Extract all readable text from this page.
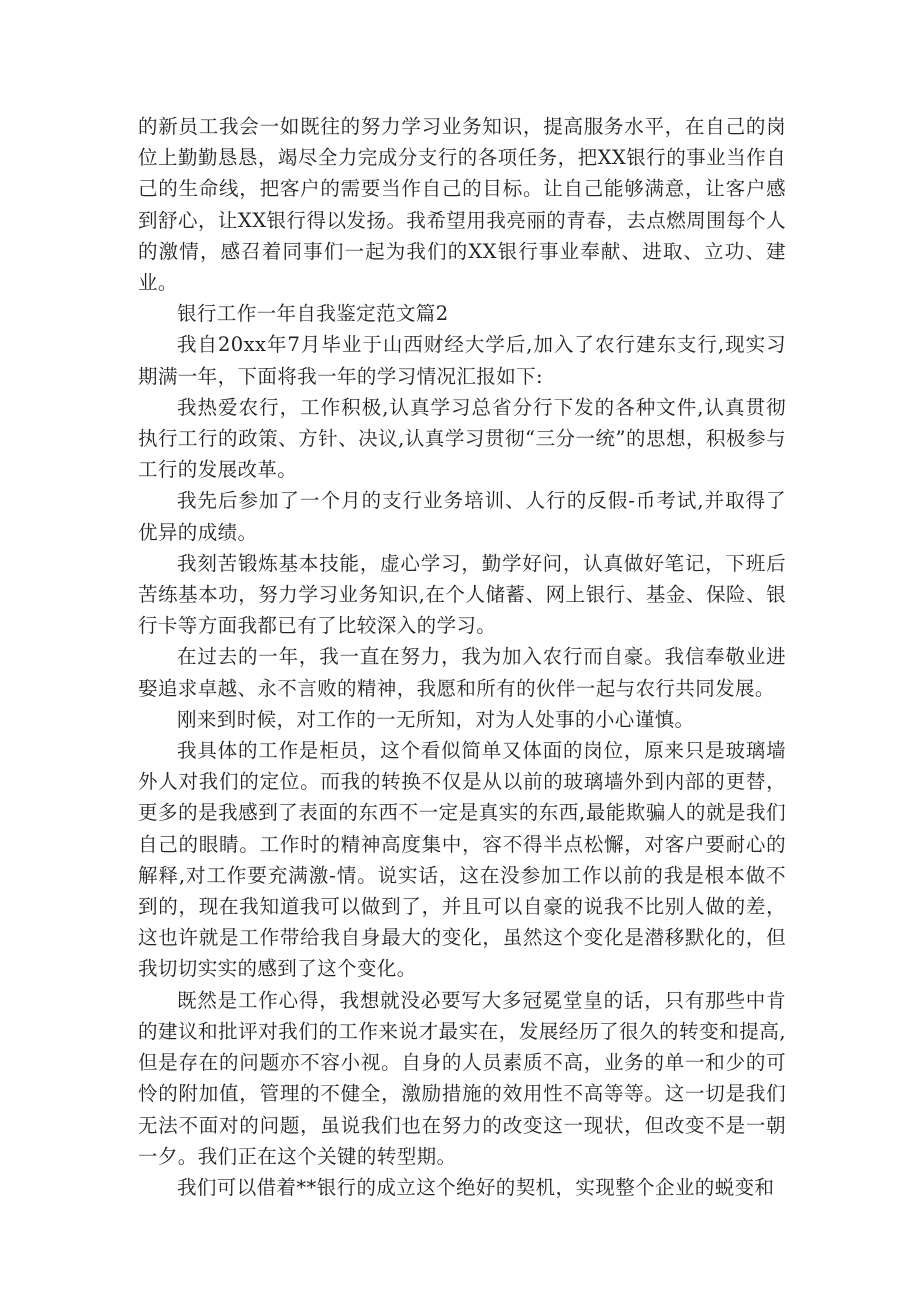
的新员工我会一如既往的努力学习业务知识，提高服务水平，在自己的岗位上勤勤恳恳，竭尽全力完成分支行的各项任务，把XX银行的事业当作自己的生命线，把客户的需要当作自己的目标。让自己能够满意，让客户感到舒心，让XX银行得以发扬。我希望用我亮丽的青春，去点燃周围每个人的激情，感召着同事们一起为我们的XX银行事业奉献、进取、立功、建业。

银行工作一年自我鉴定范文篇2

我自20xx年7月毕业于山西财经大学后,加入了农行建东支行,现实习期满一年，下面将我一年的学习情况汇报如下:

我热爱农行，工作积极,认真学习总省分行下发的各种文件,认真贯彻执行工行的政策、方针、决议,认真学习贯彻“三分一统”的思想，积极参与工行的发展改革。

我先后参加了一个月的支行业务培训、人行的反假-币考试,并取得了优异的成绩。

我刻苦锻炼基本技能，虚心学习，勤学好问，认真做好笔记，下班后苦练基本功，努力学习业务知识,在个人储蓄、网上银行、基金、保险、银行卡等方面我都已有了比较深入的学习。

在过去的一年，我一直在努力，我为加入农行而自豪。我信奉敬业进娶追求卓越、永不言败的精神，我愿和所有的伙伴一起与农行共同发展。

刚来到时候，对工作的一无所知，对为人处事的小心谨慎。

我具体的工作是柜员，这个看似简单又体面的岗位，原来只是玻璃墙外人对我们的定位。而我的转换不仅是从以前的玻璃墙外到内部的更替，更多的是我感到了表面的东西不一定是真实的东西,最能欺骗人的就是我们自己的眼睛。工作时的精神高度集中，容不得半点松懈，对客户要耐心的解释,对工作要充满激-情。说实话，这在没参加工作以前的我是根本做不到的，现在我知道我可以做到了，并且可以自豪的说我不比别人做的差，这也许就是工作带给我自身最大的变化，虽然这个变化是潜移默化的，但我切切实实的感到了这个变化。

既然是工作心得，我想就没必要写大多冠冕堂皇的话，只有那些中肯的建议和批评对我们的工作来说才最实在，发展经历了很久的转变和提高,但是存在的问题亦不容小视。自身的人员素质不高，业务的单一和少的可怜的附加值，管理的不健全，激励措施的效用性不高等等。这一切是我们无法不面对的问题，虽说我们也在努力的改变这一现状，但改变不是一朝一夕。我们正在这个关键的转型期。

我们可以借着**银行的成立这个绝好的契机，实现整个企业的蜕变和
